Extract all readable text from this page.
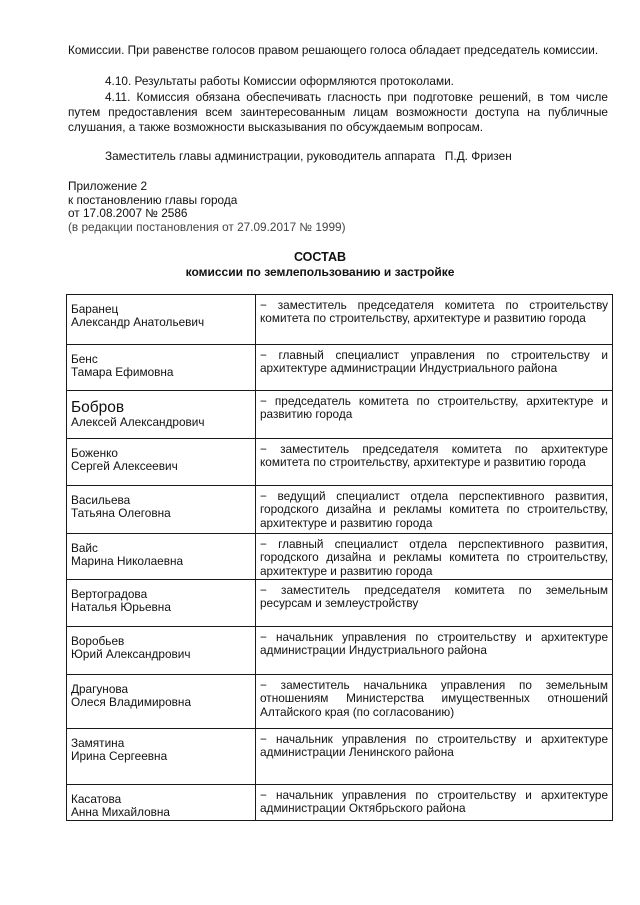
Комиссии. При равенстве голосов правом решающего голоса обладает председатель комиссии.

4.10. Результаты работы Комиссии оформляются протоколами.

4.11. Комиссия обязана обеспечивать гласность при подготовке решений, в том числе путем предоставления всем заинтересованным лицам возможности доступа на публичные слушания, а также возможности высказывания по обсуждаемым вопросам.

Заместитель главы администрации, руководитель аппарата   П.Д. Фризен
Приложение 2
к постановлению главы города
от 17.08.2007 № 2586
(в редакции постановления от 27.09.2017 № 1999)
СОСТАВ
комиссии по землепользованию и застройке
Баранец
Александр Анатольевич	− заместитель председателя комитета по строительству комитета по строительству, архитектуре и развитию города

Бенс
Тамара Ефимовна	− главный специалист управления по строительству и архитектуре администрации Индустриального района

Бобров
Алексей Александрович	− председатель комитета по строительству, архитектуре и развитию города

Боженко
Сергей Алексеевич	− заместитель председателя комитета по архитектуре комитета по строительству, архитектуре и развитию города

Васильева
Татьяна Олеговна	− ведущий специалист отдела перспективного развития, городского дизайна и рекламы комитета по строительству, архитектуре и развитию города

Вайс
Марина Николаевна	− главный специалист отдела перспективного развития, городского дизайна и рекламы комитета по строительству, архитектуре и развитию города

Вертоградова
Наталья Юрьевна	− заместитель председателя комитета по земельным ресурсам и землеустройству

Воробьев
Юрий Александрович	− начальник управления по строительству и архитектуре администрации Индустриального района

Драгунова
Олеся Владимировна	− заместитель начальника управления по земельным отношениям Министерства имущественных отношений Алтайского края (по согласованию)

Замятина
Ирина Сергеевна	− начальник управления по строительству и архитектуре администрации Ленинского района

Касатова
Анна Михайловна	− начальник управления по строительству и архитектуре администрации Октябрьского района
